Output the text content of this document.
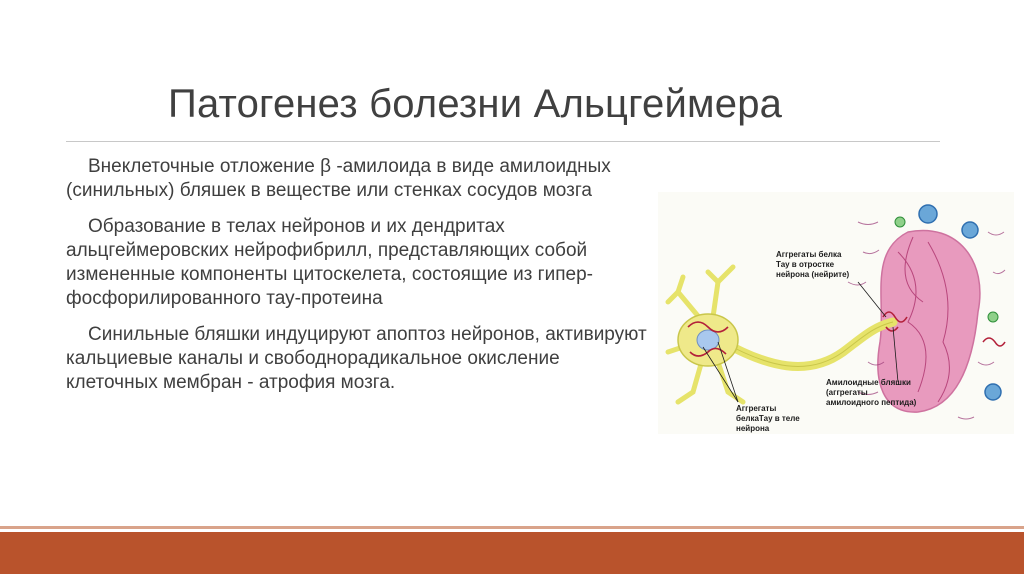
Патогенез болезни Альцгеймера

Внеклеточные отложение β -амилоида в виде амилоидных (синильных) бляшек в веществе или стенках сосудов мозга

Образование в телах нейронов и их дендритах альцгеймеровских нейрофибрилл, представляющих собой измененные компоненты цитоскелета, состоящие из гипер- фосфорилированного тау-протеина

Синильные бляшки индуцируют апоптоз нейронов, активируют кальциевые каналы и свободнорадикальное окисление клеточных мембран - атрофия мозга.

Аггрегаты белка Тау в отростке нейрона (нейрите)
Аггрегаты белкаТау в теле нейрона
Амилоидные бляшки (аггрегаты амилоидного пептида)
